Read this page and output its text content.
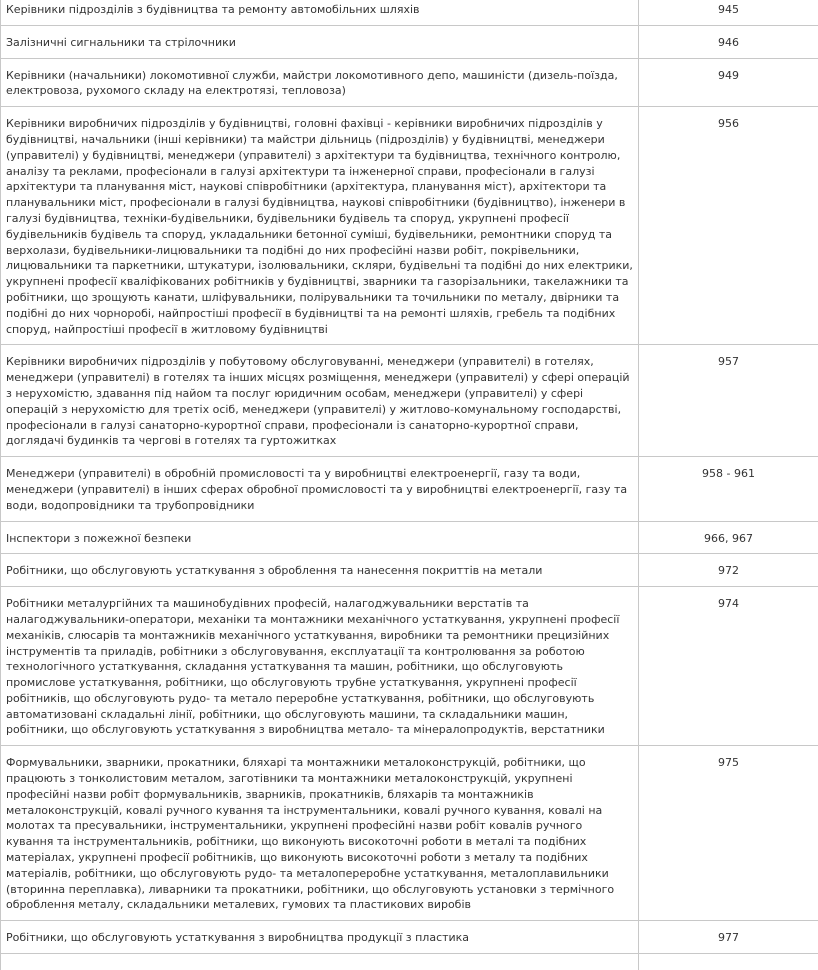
Керівники підрозділів з будівництва та ремонту автомобільних шляхів	945
Залізничні сигнальники та стрілочники	946
Керівники (начальники) локомотивної служби, майстри локомотивного депо, машиністи (дизель-поїзда, електровоза, рухомого складу на електротязі, тепловоза)	949
Керівники виробничих підрозділів у будівництві, головні фахівці - керівники виробничих підрозділів у будівництві, начальники (інші керівники) та майстри дільниць (підрозділів) у будівництві, менеджери (управителі) у будівництві, менеджери (управителі) з архітектури та будівництва, технічного контролю, аналізу та реклами, професіонали в галузі архітектури та інженерної справи, професіонали в галузі архітектури та планування міст, наукові співробітники (архітектура, планування міст), архітектори та планувальники міст, професіонали в галузі будівництва, наукові співробітники (будівництво), інженери в галузі будівництва, техніки-будівельники, будівельники будівель та споруд, укрупнені професії будівельників будівель та споруд, укладальники бетонної суміші, будівельники, ремонтники споруд та верхолази, будівельники-лицювальники та подібні до них професійні назви робіт, покрівельники, лицювальники та паркетники, штукатури, ізолювальники, скляри, будівельні та подібні до них електрики, укрупнені професії кваліфікованих робітників у будівництві, зварники та газорізальники, такелажники та робітники, що зрощують канати, шліфувальники, полірувальники та точильники по металу, двірники та подібні до них чорноробі, найпростіші професії в будівництві та на ремонті шляхів, гребель та подібних споруд, найпростіші професії в житловому будівництві	956
Керівники виробничих підрозділів у побутовому обслуговуванні, менеджери (управителі) в готелях, менеджери (управителі) в готелях та інших місцях розміщення, менеджери (управителі) у сфері операцій з нерухомістю, здавання під найом та послуг юридичним особам, менеджери (управителі) у сфері операцій з нерухомістю для третіх осіб, менеджери (управителі) у житлово-комунальному господарстві, професіонали в галузі санаторно-курортної справи, професіонали із санаторно-курортної справи, доглядачі будинків та чергові в готелях та гуртожитках	957
Менеджери (управителі) в обробній промисловості та у виробництві електроенергії, газу та води, менеджери (управителі) в інших сферах обробної промисловості та у виробництві електроенергії, газу та води, водопровідники та трубопровідники	958 - 961
Інспектори з пожежної безпеки	966, 967
Робітники, що обслуговують устаткування з оброблення та нанесення покриттів на метали	972
Робітники металургійних та машинобудівних професій, налагоджувальники верстатів та налагоджувальники-оператори, механіки та монтажники механічного устаткування, укрупнені професії механіків, слюсарів та монтажників механічного устаткування, виробники та ремонтники прецизійних інструментів та приладів, робітники з обслуговування, експлуатації та контролювання за роботою технологічного устаткування, складання устаткування та машин, робітники, що обслуговують промислове устаткування, робітники, що обслуговують трубне устаткування, укрупнені професії робітників, що обслуговують рудо- та метало переробне устаткування, робітники, що обслуговують автоматизовані складальні лінії, робітники, що обслуговують машини, та складальники машин, робітники, що обслуговують устаткування з виробництва метало- та мінералопродуктів, верстатники	974
Формувальники, зварники, прокатники, бляхарі та монтажники металоконструкцій, робітники, що працюють з тонколистовим металом, заготівники та монтажники металоконструкцій, укрупнені професійні назви робіт формувальників, зварників, прокатників, бляхарів та монтажників металоконструкцій, ковалі ручного кування та інструментальники, ковалі ручного кування, ковалі на молотах та пресувальники, інструментальники, укрупнені професійні назви робіт ковалів ручного кування та інструментальників, робітники, що виконують високоточні роботи в металі та подібних матеріалах, укрупнені професії робітників, що виконують високоточні роботи з металу та подібних матеріалів, робітники, що обслуговують рудо- та металопереробне устаткування, металоплавильники (вторинна переплавка), ливарники та прокатники, робітники, що обслуговують установки з термічного оброблення металу, складальники металевих, гумових та пластикових виробів	975
Робітники, що обслуговують устаткування з виробництва продукції з пластика	977
